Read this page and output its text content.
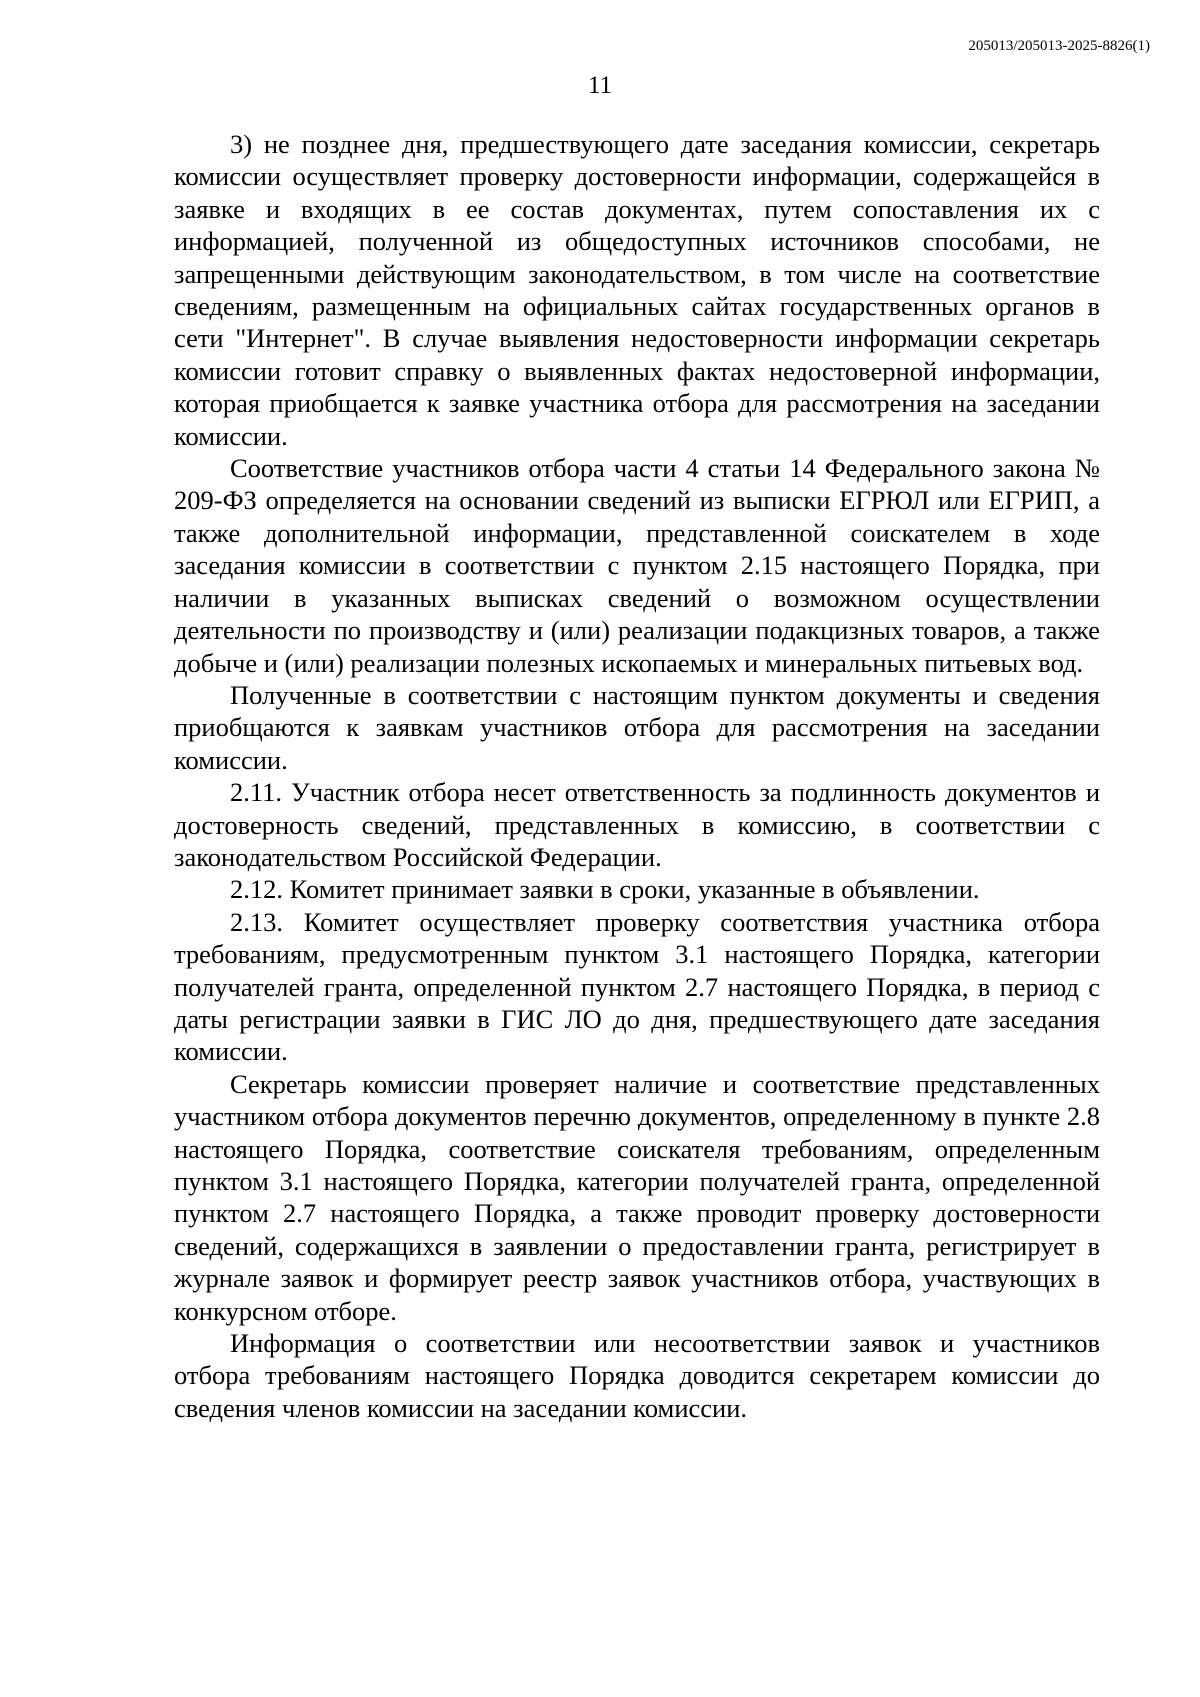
205013/205013-2025-8826(1)
11

3) не позднее дня, предшествующего дате заседания комиссии, секретарь комиссии осуществляет проверку достоверности информации, содержащейся в заявке и входящих в ее состав документах, путем сопоставления их с информацией, полученной из общедоступных источников способами, не запрещенными действующим законодательством, в том числе на соответствие сведениям, размещенным на официальных сайтах государственных органов в сети "Интернет". В случае выявления недостоверности информации секретарь комиссии готовит справку о выявленных фактах недостоверной информации, которая приобщается к заявке участника отбора для рассмотрения на заседании комиссии.

Соответствие участников отбора части 4 статьи 14 Федерального закона № 209-ФЗ определяется на основании сведений из выписки ЕГРЮЛ или ЕГРИП, а также дополнительной информации, представленной соискателем в ходе заседания комиссии в соответствии с пунктом 2.15 настоящего Порядка, при наличии в указанных выписках сведений о возможном осуществлении деятельности по производству и (или) реализации подакцизных товаров, а также добыче и (или) реализации полезных ископаемых и минеральных питьевых вод.

Полученные в соответствии с настоящим пунктом документы и сведения приобщаются к заявкам участников отбора для рассмотрения на заседании комиссии.

2.11. Участник отбора несет ответственность за подлинность документов и достоверность сведений, представленных в комиссию, в соответствии с законодательством Российской Федерации.

2.12. Комитет принимает заявки в сроки, указанные в объявлении.

2.13. Комитет осуществляет проверку соответствия участника отбора требованиям, предусмотренным пунктом 3.1 настоящего Порядка, категории получателей гранта, определенной пунктом 2.7 настоящего Порядка, в период с даты регистрации заявки в ГИС ЛО до дня, предшествующего дате заседания комиссии.

Секретарь комиссии проверяет наличие и соответствие представленных участником отбора документов перечню документов, определенному в пункте 2.8 настоящего Порядка, соответствие соискателя требованиям, определенным пунктом 3.1 настоящего Порядка, категории получателей гранта, определенной пунктом 2.7 настоящего Порядка, а также проводит проверку достоверности сведений, содержащихся в заявлении о предоставлении гранта, регистрирует в журнале заявок и формирует реестр заявок участников отбора, участвующих в конкурсном отборе.

Информация о соответствии или несоответствии заявок и участников отбора требованиям настоящего Порядка доводится секретарем комиссии до сведения членов комиссии на заседании комиссии.
